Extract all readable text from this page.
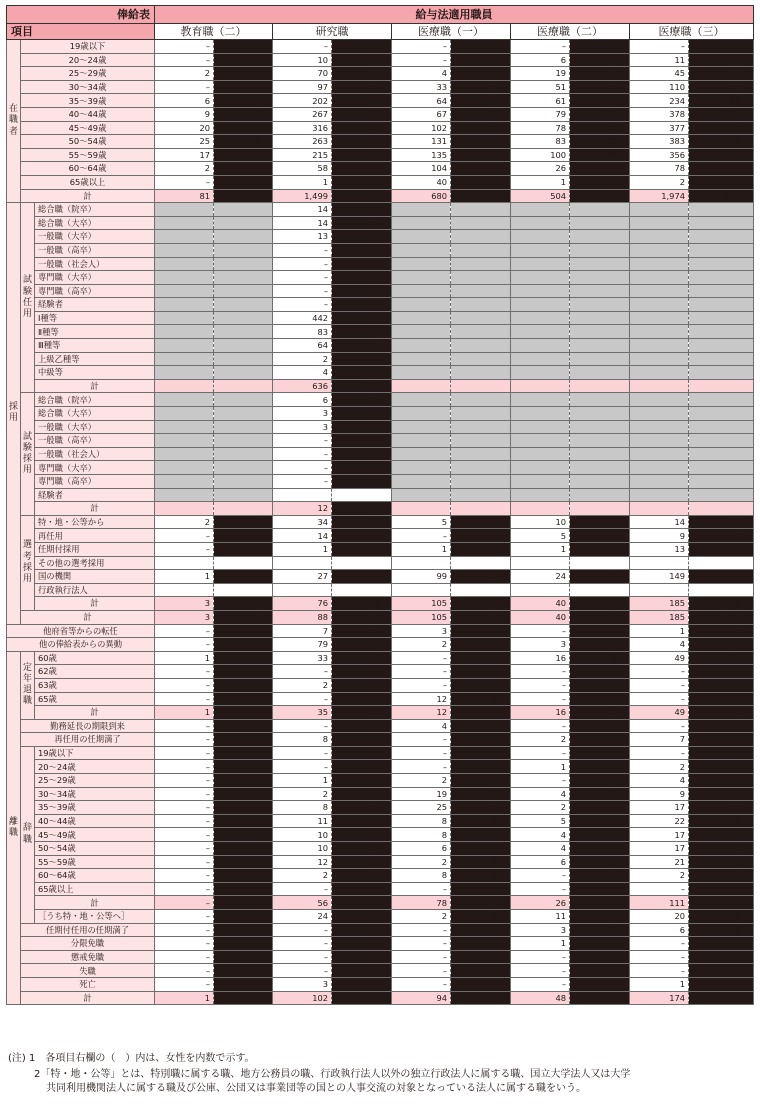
俸給表			給与法適用職員									
項目			教育職（二）		研究職		医療職（一）		医療職（二）		医療職（三）	
在職者	19歳以下		–	–	–	–	–	–	–	–	–	–
	20〜24歳		–	–	10	3	–	–	6	5	11	11
	25〜29歳		2	–	70	13	4	1	19	10	45	38
	30〜34歳		–	–	97	19	33	8	51	21	110	78
	35〜39歳		6	1	202	45	64	14	61	34	234	182
	40〜44歳		9	4	267	58	67	18	79	31	378	287
	45〜49歳		20	4	316	56	102	24	78	36	377	316
	50〜54歳		25	9	263	43	131	27	83	30	383	336
	55〜59歳		17	4	215	32	135	30	100	34	356	313
	60〜64歳		2	1	58	4	104	17	26	7	78	71
	65歳以上		–	–	1	–	40	2	1	–	2	2
	計		81	23	1,499	273	680	141	504	208	1,974	1,634
採用	試験任用	総合職（院卒）			14	5						
		総合職（大卒）			14	2						
		一般職（大卒）			13	3						
		一般職（高卒）			–	–						
		一般職（社会人）			–	–						
		専門職（大卒）			–	–						
		専門職（高卒）			–	–						
		経験者			–	–						
		Ⅰ種等			442	71						
		Ⅱ種等			83	13						
		Ⅲ種等			64	8						
		上級乙種等			2	–						
		中級等			4	–						
		計			636	102						
	試験採用	総合職（院卒）			6	1						
		総合職（大卒）			3	–						
		一般職（大卒）			3	1						
		一般職（高卒）			–	–						
		一般職（社会人）			–	–						
		専門職（大卒）			–	–						
		専門職（高卒）			–	–						
		経験者										
		計			12	2						
	選考採用	特・地・公等から	2	2	34	2	5	–	10	–	14	12
		再任用	–	–	14	–	–	–	5	–	9	9
		任期付採用	–	–	1	–	1	–	1	–	13	10
		その他の選考採用										
		国の機関	1	1	27	7	99	18	24	12	149	117
		行政執行法人										
		計	3	3	76	9	105	18	40	12	185	148
	計		3	3	88	11	105	18	40	12	185	148
他府省等からの転任			–	–	7	2	3	–	–	–	1	1
他の俸給表からの異動			–	–	79	10	2	–	3	1	4	3
離職	定年退職	60歳	1	–	33	3	–	–	16	6	49	45
		62歳	–	–	–	–	–	–	–	–	–	–
		63歳	–	–	2	–	–	–	–	–	–	–
		65歳	–	–	–	–	12	2	–	–	–	–
		計	1	–	35	3	12	2	16	6	49	45
	勤務延長の期限到来		–	–	–	–	4	–	–	–	–	–
	再任用の任期満了		–	–	8	–	–	–	2	–	7	7
	辞職	19歳以下	–	–	–	–	–	–	–	–	–	–
		20〜24歳	–	–	–	–	–	–	1	1	2	2
		25〜29歳	–	–	1	1	2	–	–	–	4	3
		30〜34歳	–	–	2	–	19	2	4	1	9	5
		35〜39歳	–	–	8	2	25	1	2	–	17	16
		40〜44歳	–	–	11	3	8	1	5	4	22	18
		45〜49歳	–	–	10	1	8	3	4	–	17	15
		50〜54歳	–	–	10	2	6	2	4	–	17	15
		55〜59歳	–	–	12	3	2	1	6	3	21	18
		60〜64歳	–	–	2	–	8	2	–	–	2	–
		65歳以上	–	–	–	–	–	–	–	–	–	–
		計	–	–	56	12	78	13	26	9	111	92
		［うち特・地・公等へ］	–	–	24	4	2	1	11	2	20	19
	任期付任用の任期満了		–	–	–	–	–	–	3	2	6	6
	分限免職		–	–	–	–	–	–	1	–	–	–
	懲戒免職		–	–	–	–	–	–	–	–	–	–
	失職		–	–	–	–	–	–	–	–	–	–
	死亡		–	–	3	–	–	–	–	–	1	1
	計		1	–	102	15	94	15	48	17	174	151
(注) 1　各項目右欄の（　）内は、女性を内数で示す。
2「特・地・公等」とは、特別職に属する職、地方公務員の職、行政執行法人以外の独立行政法人に属する職、国立大学法人又は大学
共同利用機関法人に属する職及び公庫、公団又は事業団等の国との人事交流の対象となっている法人に属する職をいう。
